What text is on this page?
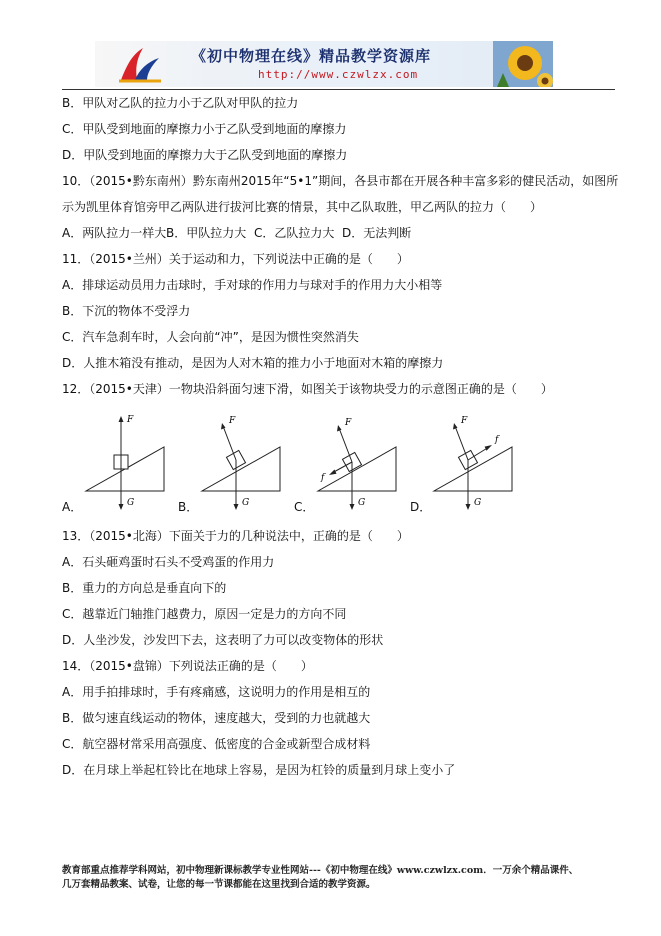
《初中物理在线》精品教学资源库
http://www.czwlzx.com
B．甲队对乙队的拉力小于乙队对甲队的拉力
C．甲队受到地面的摩擦力小于乙队受到地面的摩擦力
D．甲队受到地面的摩擦力大于乙队受到地面的摩擦力
10．（2015•黔东南州）黔东南州2015年“5•1”期间，各县市都在开展各种丰富多彩的健民活动，如图所
示为凯里体育馆旁甲乙两队进行拔河比赛的情景，其中乙队取胜，甲乙两队的拉力（　　）
A．两队拉力一样大B．甲队拉力大 C．乙队拉力大 D．无法判断
11．（2015•兰州）关于运动和力，下列说法中正确的是（　　）
A．排球运动员用力击球时，手对球的作用力与球对手的作用力大小相等
B．下沉的物体不受浮力
C．汽车急刹车时，人会向前“冲”，是因为惯性突然消失
D．人推木箱没有推动，是因为人对木箱的推力小于地面对木箱的摩擦力
12．（2015•天津）一物块沿斜面匀速下滑，如图关于该物块受力的示意图正确的是（　　）
F
G
F
G
F
G
f
F
G
f
A．	B．	C．	D．
13．（2015•北海）下面关于力的几种说法中，正确的是（　　）
A．石头砸鸡蛋时石头不受鸡蛋的作用力
B．重力的方向总是垂直向下的
C．越靠近门轴推门越费力，原因一定是力的方向不同
D．人坐沙发，沙发凹下去，这表明了力可以改变物体的形状
14．（2015•盘锦）下列说法正确的是（　　）
A．用手拍排球时，手有疼痛感，这说明力的作用是相互的
B．做匀速直线运动的物体，速度越大，受到的力也就越大
C．航空器材常采用高强度、低密度的合金或新型合成材料
D．在月球上举起杠铃比在地球上容易，是因为杠铃的质量到月球上变小了
教育部重点推荐学科网站，初中物理新课标教学专业性网站---《初中物理在线》www.czwlzx.com．一万余个精品课件、
几万套精品教案、试卷，让您的每一节课都能在这里找到合适的教学资源。
